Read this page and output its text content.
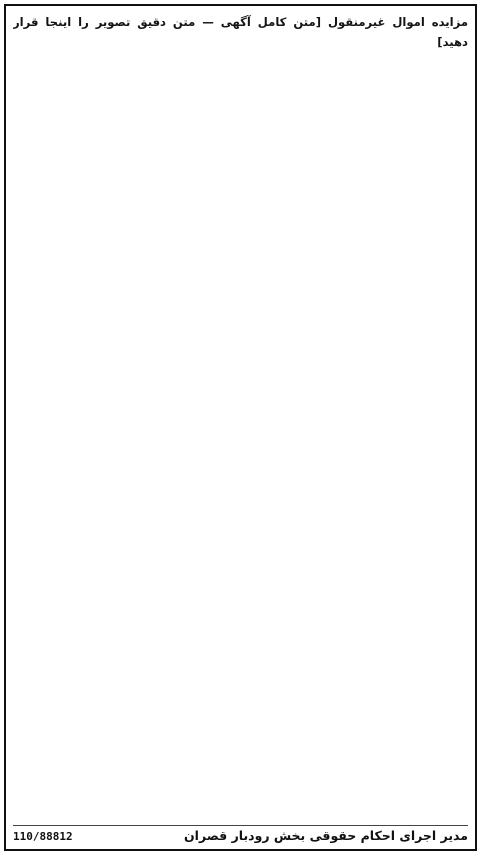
مزایده اموال غیرمنقول [متن کامل آگهی — متن دقیق تصویر را اینجا قرار دهید]
مدیر اجرای احکام حقوقی بخش رودبار قصران
110/88812
